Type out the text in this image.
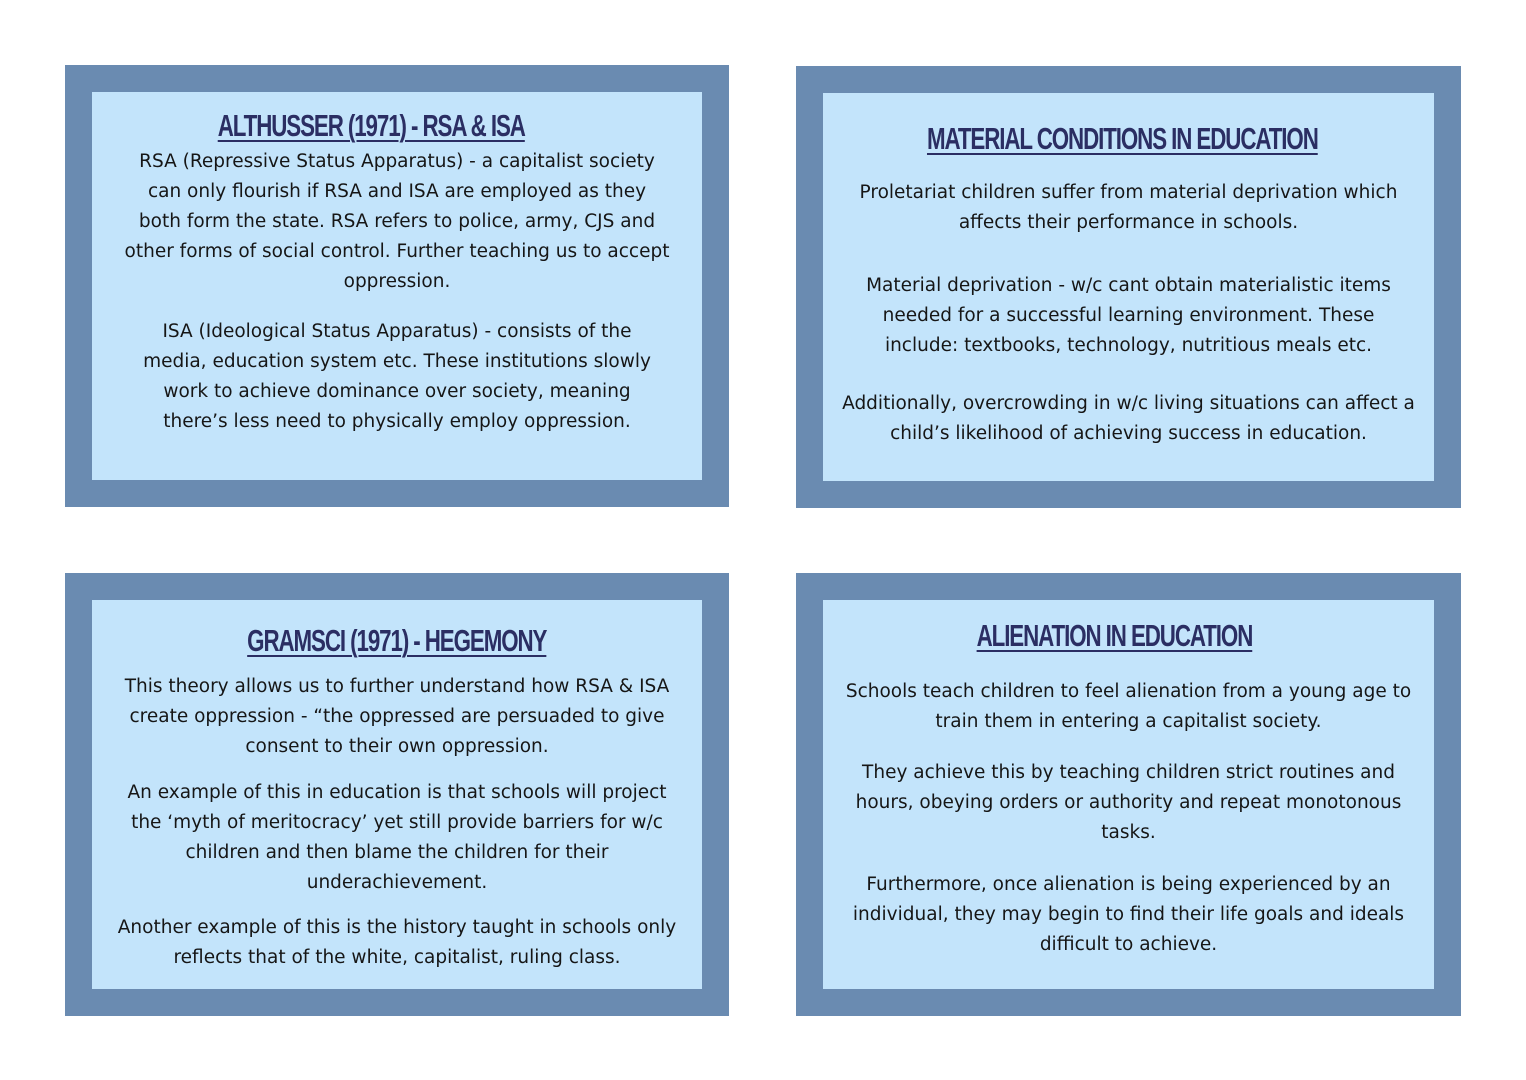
ALTHUSSER (1971) - RSA & ISA

RSA (Repressive Status Apparatus) - a capitalist society can only flourish if RSA and ISA are employed as they both form the state. RSA refers to police, army, CJS and other forms of social control. Further teaching us to accept oppression.

ISA (Ideological Status Apparatus) - consists of the media, education system etc. These institutions slowly work to achieve dominance over society, meaning there’s less need to physically employ oppression.

MATERIAL CONDITIONS IN EDUCATION

Proletariat children suffer from material deprivation which affects their performance in schools.

Material deprivation - w/c cant obtain materialistic items needed for a successful learning environment. These include: textbooks, technology, nutritious meals etc.

Additionally, overcrowding in w/c living situations can affect a child’s likelihood of achieving success in education.

GRAMSCI (1971) - HEGEMONY

This theory allows us to further understand how RSA & ISA create oppression - “the oppressed are persuaded to give consent to their own oppression.

An example of this in education is that schools will project the ‘myth of meritocracy’ yet still provide barriers for w/c children and then blame the children for their underachievement.

Another example of this is the history taught in schools only reflects that of the white, capitalist, ruling class.

ALIENATION IN EDUCATION

Schools teach children to feel alienation from a young age to train them in entering a capitalist society.

They achieve this by teaching children strict routines and hours, obeying orders or authority and repeat monotonous tasks.

Furthermore, once alienation is being experienced by an individual, they may begin to find their life goals and ideals difficult to achieve.
